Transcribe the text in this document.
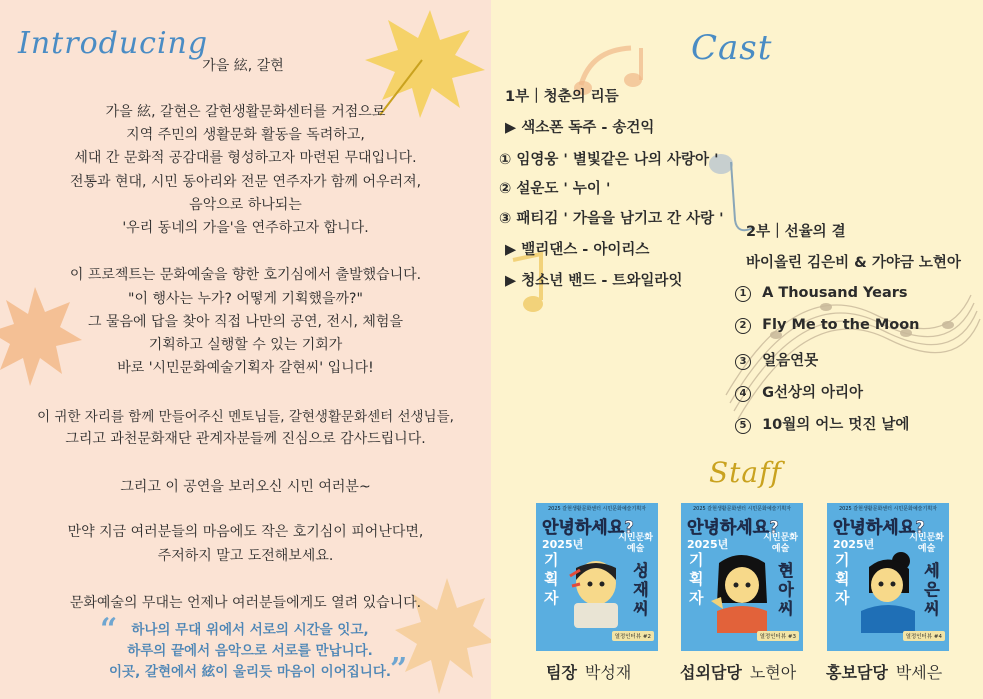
Introducing
가을 絃, 갈현
가을 絃, 갈현은 갈현생활문화센터를 거점으로
지역 주민의 생활문화 활동을 독려하고,
세대 간 문화적 공감대를 형성하고자 마련된 무대입니다.
전통과 현대, 시민 동아리와 전문 연주자가 함께 어우러져,
음악으로 하나되는
'우리 동네의 가을'을 연주하고자 합니다.
이 프로젝트는 문화예술을 향한 호기심에서 출발했습니다.
"이 행사는 누가? 어떻게 기획했을까?"
그 물음에 답을 찾아 직접 나만의 공연, 전시, 체험을
기획하고 실행할 수 있는 기회가
바로 '시민문화예술기획자 갈현씨' 입니다!
이 귀한 자리를 함께 만들어주신 멘토님들, 갈현생활문화센터 선생님들,
그리고 과천문화재단 관계자분들께 진심으로 감사드립니다.
그리고 이 공연을 보러오신 시민 여러분~
만약 지금 여러분들의 마음에도 작은 호기심이 피어난다면,
주저하지 말고 도전해보세요.
문화예술의 무대는 언제나 여러분들에게도 열려 있습니다.
“	하나의 무대 위에서 서로의 시간을 잇고,
하루의 끝에서 음악으로 서로를 만납니다.
이곳, 갈현에서 絃이 울리듯 마음이 이어집니다. ”
Cast
1부｜청춘의 리듬
▶ 색소폰 독주 - 송건익
① 임영웅 ' 별빛같은 나의 사랑아 '
② 설운도 ' 누이 '
③ 패티김 ' 가을을 남기고 간 사랑 '
▶ 밸리댄스 - 아이리스
▶ 청소년 밴드 - 트와일라잇
2부｜선율의 결
바이올린 김은비 & 가야금 노현아
1 A Thousand Years
2 Fly Me to the Moon
3 얼음연못
4 G선상의 아리아
5 10월의 어느 멋진 날에
Staff
2025 갈현생활문화센터 시민문화예술기획자
안녕하세요?
2025년	시민문화
예술
기
획
자
성
재
씨
열정인터뷰 #2
2025 갈현생활문화센터 시민문화예술기획자
안녕하세요?
2025년	시민문화
예술
기
획
자
현
아
씨
열정인터뷰 #3
2025 갈현생활문화센터 시민문화예술기획자
안녕하세요?
2025년	시민문화
예술
기
획
자
세
은
씨
열정인터뷰 #4
팀장 박성재	섭외담당 노현아 홍보담당 박세은
